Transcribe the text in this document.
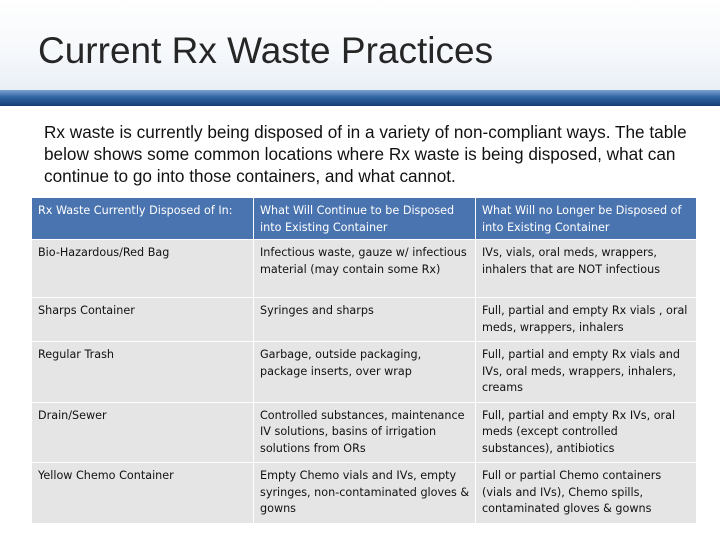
Current Rx Waste Practices
Rx waste is currently being disposed of in a variety of non-compliant ways. The table below shows some common locations where Rx waste is being disposed, what can continue to go into those containers, and what cannot.
Rx Waste Currently Disposed of In:	What Will Continue to be Disposed into Existing Container	What Will no Longer be Disposed of into Existing Container
Bio-Hazardous/Red Bag	Infectious waste, gauze w/ infectious material (may contain some Rx)	IVs, vials, oral meds, wrappers, inhalers that are NOT infectious
Sharps Container	Syringes and sharps	Full, partial and empty Rx vials , oral meds, wrappers, inhalers
Regular Trash	Garbage, outside packaging, package inserts, over wrap	Full, partial and empty Rx vials and IVs, oral meds, wrappers, inhalers, creams
Drain/Sewer	Controlled substances, maintenance IV solutions, basins of irrigation solutions from ORs	Full, partial and empty Rx IVs, oral meds (except controlled substances), antibiotics
Yellow Chemo Container	Empty Chemo vials and IVs, empty syringes, non-contaminated gloves & gowns	Full or partial Chemo containers (vials and IVs), Chemo spills, contaminated gloves & gowns
